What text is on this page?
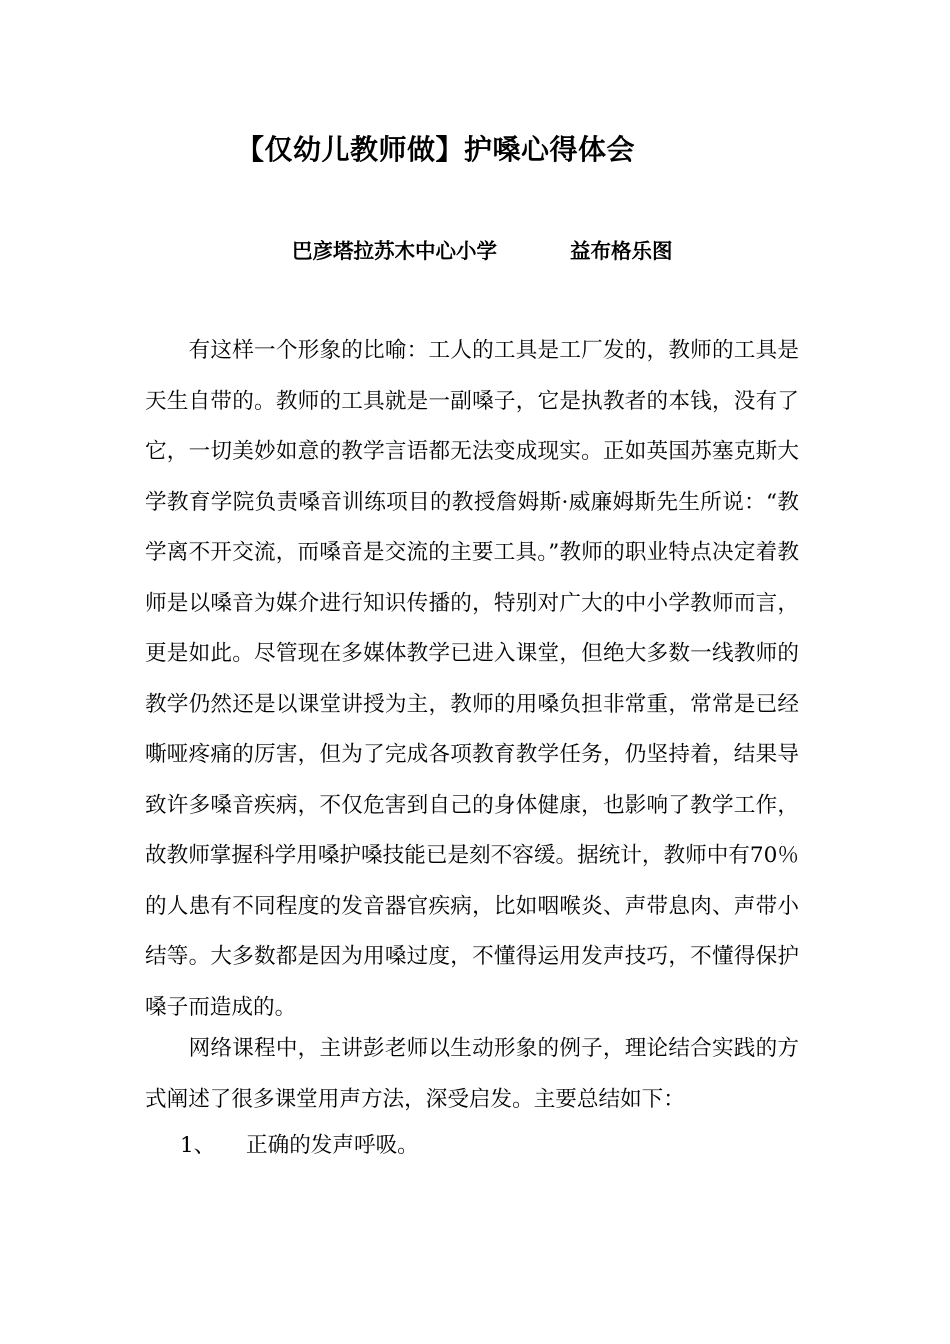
【仅幼儿教师做】护嗓心得体会
巴彦塔拉苏木中心小学	益布格乐图

有这样一个形象的比喻：工人的工具是工厂发的，教师的工具是天生自带的。教师的工具就是一副嗓子，它是执教者的本钱，没有了它，一切美妙如意的教学言语都无法变成现实。正如英国苏塞克斯大学教育学院负责嗓音训练项目的教授詹姆斯·威廉姆斯先生所说：“教学离不开交流，而嗓音是交流的主要工具。”教师的职业特点决定着教师是以嗓音为媒介进行知识传播的，特别对广大的中小学教师而言，更是如此。尽管现在多媒体教学已进入课堂，但绝大多数一线教师的教学仍然还是以课堂讲授为主，教师的用嗓负担非常重，常常是已经嘶哑疼痛的厉害，但为了完成各项教育教学任务，仍坚持着，结果导致许多嗓音疾病，不仅危害到自己的身体健康，也影响了教学工作，故教师掌握科学用嗓护嗓技能已是刻不容缓。据统计，教师中有70％的人患有不同程度的发音器官疾病，比如咽喉炎、声带息肉、声带小结等。大多数都是因为用嗓过度，不懂得运用发声技巧，不懂得保护嗓子而造成的。

网络课程中，主讲彭老师以生动形象的例子，理论结合实践的方式阐述了很多课堂用声方法，深受启发。主要总结如下：

1、 正确的发声呼吸。
